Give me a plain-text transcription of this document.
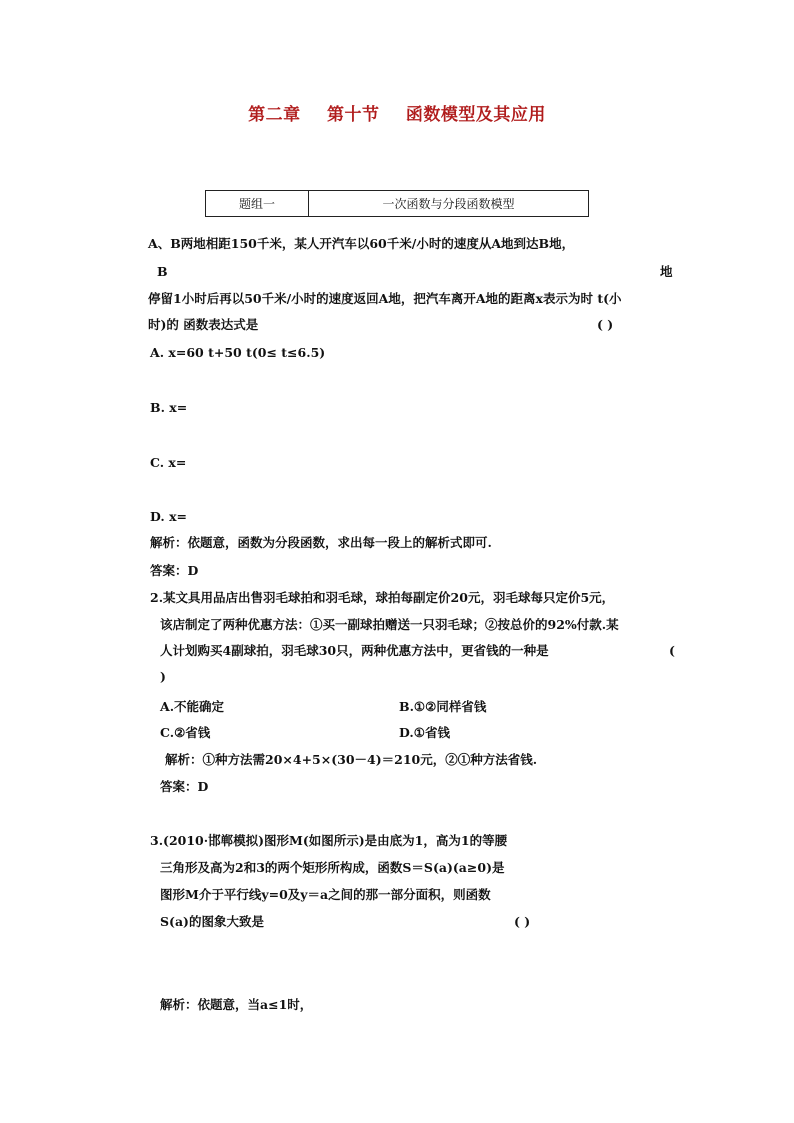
第二章 第十节 函数模型及其应用
题组一	一次函数与分段函数模型
A、B两地相距150千米，某人开汽车以60千米/小时的速度从A地到达B地，
B	地
停留1小时后再以50千米/小时的速度返回A地，把汽车离开A地的距离x表示为时 t(小
时)的 函数表达式是	( )
A. x=60 t+50 t(0≤ t≤6.5)
B. x=
C. x=
D. x=
解析：依题意，函数为分段函数，求出每一段上的解析式即可.
答案：D
2.某文具用品店出售羽毛球拍和羽毛球，球拍每副定价20元，羽毛球每只定价5元，
该店制定了两种优惠方法：①买一副球拍赠送一只羽毛球；②按总价的92%付款.某
人计划购买4副球拍，羽毛球30只，两种优惠方法中，更省钱的一种是	(
)
A.不能确定	B.①②同样省钱
C.②省钱	D.①省钱
解析：①种方法需20×4+5×(30－4)＝210元，②①种方法省钱.
答案：D
3.(2010·邯郸模拟)图形M(如图所示)是由底为1，高为1的等腰
三角形及高为2和3的两个矩形所构成，函数S＝S(a)(a≥0)是
图形M介于平行线y=0及y＝a之间的那一部分面积，则函数
S(a)的图象大致是	( )
解析：依题意，当a≤1时，
